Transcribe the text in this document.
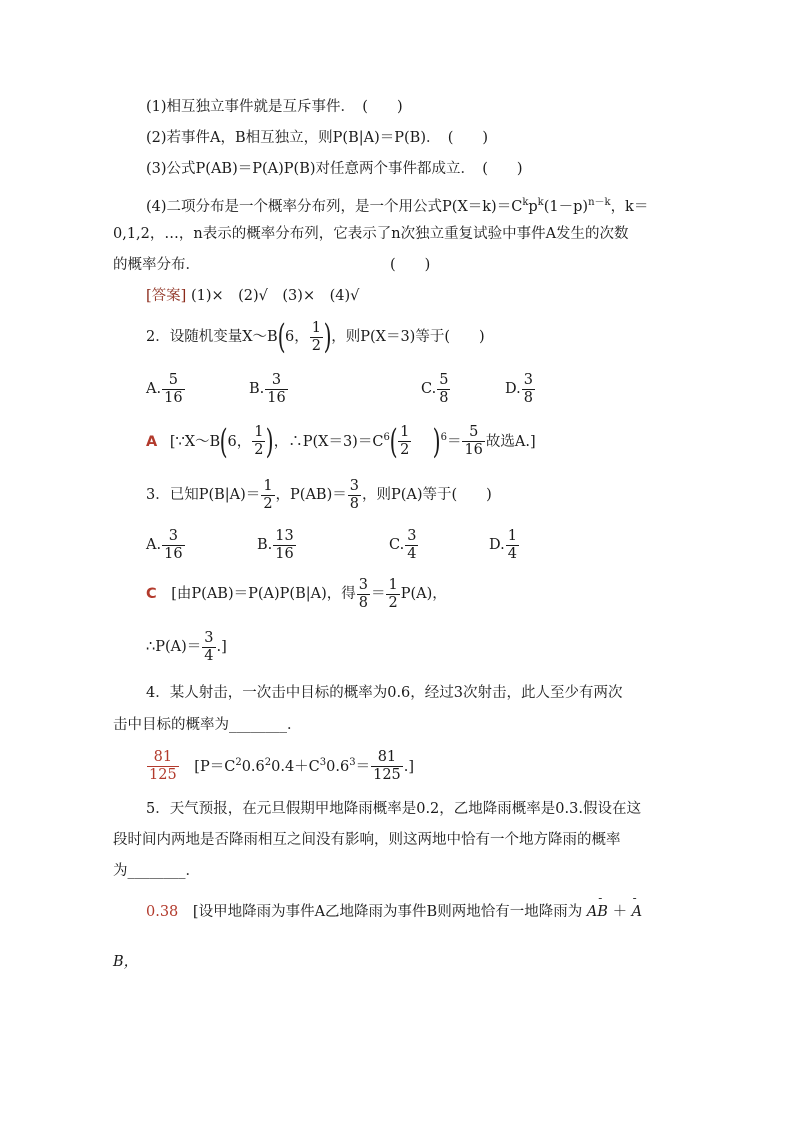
(1)相互独立事件就是互斥事件．　(　　)
(2)若事件A，B相互独立，则P(B|A)＝P(B)．　(　　)
(3)公式P(AB)＝P(A)P(B)对任意两个事件都成立．　(　　)
(4)二项分布是一个概率分布列，是一个用公式$P(X=k)=C^kp^k(1-p)^{n-k}$，k＝
0,1,2，…，n表示的概率分布列，它表示了n次独立重复试验中事件A发生的次数
的概率分布．	(　　)
[答案] (1)×　(2)√　(3)×　(4)√
2．设随机变量X～B(6， $\frac{1}{2}$ )，则P(X＝3)等于(　　)
A. $\frac{5}{16}$	B. $\frac{3}{16}$	C. $\frac{5}{8}$	D. $\frac{3}{8}$
A [∵X～B(6， $\frac{1}{2}$ )，$\therefore P(X=3)=C^6( \frac{1}{2} )^6= \frac{5}{16}$ 故选A.]
3．已知$P(B|A)= \frac{1}{2}$ ，$P(AB)= \frac{3}{8}$ ，则P(A)等于(　　)
A. $\frac{3}{16}$	B. $\frac{13}{16}$	C. $\frac{3}{4}$	D. $\frac{1}{4}$
C [由P(AB)＝P(A)P(B|A)，得 $\frac{3}{8} = \frac{1}{2} P(A)$，
∴P(A)＝ $\frac{3}{4}$ .]
4．某人射击，一次击中目标的概率为0.6，经过3次射击，此人至少有两次
击中目标的概率为________．
$\frac{81}{125} [P=C^20.6^20.4+C^30.6^3= \frac{81}{125}$ .]
5．天气预报，在元旦假期甲地降雨概率是0.2，乙地降雨概率是0.3.假设在这
段时间内两地是否降雨相互之间没有影响，则这两地中恰有一个地方降雨的概率
为________．
0.38 [设甲地降雨为事件A乙地降雨为事件B则两地恰有一地降雨为 A- B ＋ - A
B，
